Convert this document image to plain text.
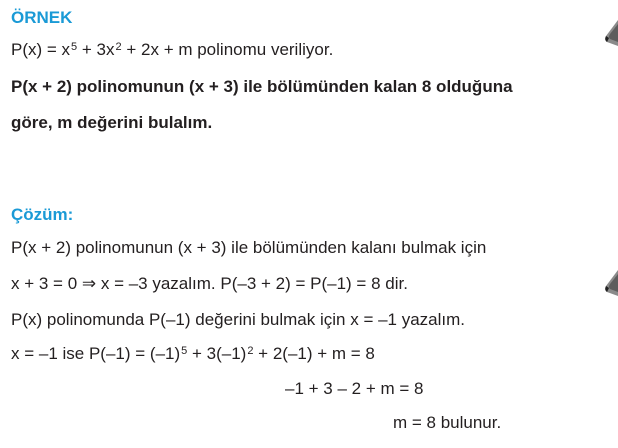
ÖRNEK
$P(x) = x^5 + 3x^2 + 2x + m$ polinomu veriliyor.
P(x + 2) polinomunun (x + 3) ile bölümünden kalan 8 olduğuna
göre, m değerini bulalım.
Çözüm:
P(x + 2) polinomunun (x + 3) ile bölümünden kalanı bulmak için
x + 3 = 0 ⇒ x = –3 yazalım. P(–3 + 2) = P(–1) = 8 dir.
P(x) polinomunda P(–1) değerini bulmak için x = –1 yazalım.
x = –1 ise $P(-1) = (-1)^5 + 3(-1)^2 + 2(-1) + m = 8$
–1 + 3 – 2 + m = 8
m = 8 bulunur.
